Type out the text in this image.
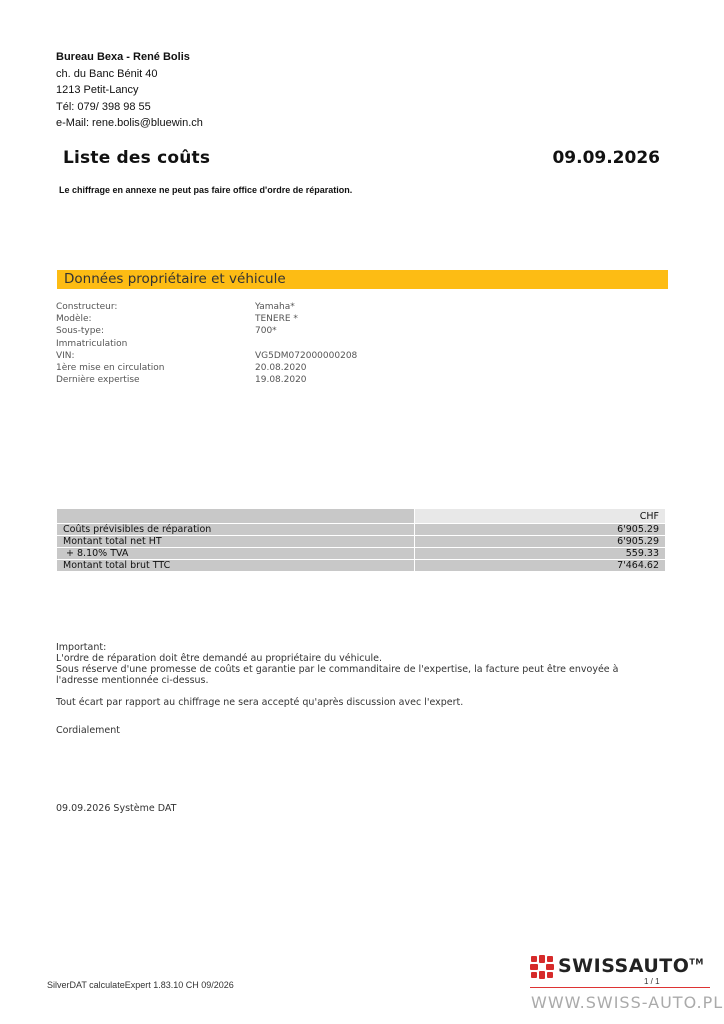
Bureau Bexa - René Bolis
ch. du Banc Bénit 40
1213 Petit-Lancy
Tél: 079/ 398 98 55
e-Mail: rene.bolis@bluewin.ch
Liste des coûts	09.09.2026
Le chiffrage en annexe ne peut pas faire office d'ordre de réparation.
Données propriétaire et véhicule
Constructeur:	Yamaha*
Modèle:	TENERE *
Sous-type:	700*
Immatriculation
VIN:	VG5DM072000000208
1ère mise en circulation	20.08.2020
Dernière expertise	19.08.2020
	CHF
Coûts prévisibles de réparation	6'905.29
Montant total net HT	6'905.29
+ 8.10% TVA	559.33
Montant total brut TTC	7'464.62

Important:

L'ordre de réparation doit être demandé au propriétaire du véhicule.

Sous réserve d'une promesse de coûts et garantie par le commanditaire de l'expertise, la facture peut être envoyée à

l'adresse mentionnée ci-dessus.

Tout écart par rapport au chiffrage ne sera accepté qu'après discussion avec l'expert.

Cordialement

09.09.2026 Système DAT
SilverDAT calculateExpert 1.83.10 CH 09/2026	1 / 1
SWISSAUTO™
WWW.SWISS-AUTO.PL
